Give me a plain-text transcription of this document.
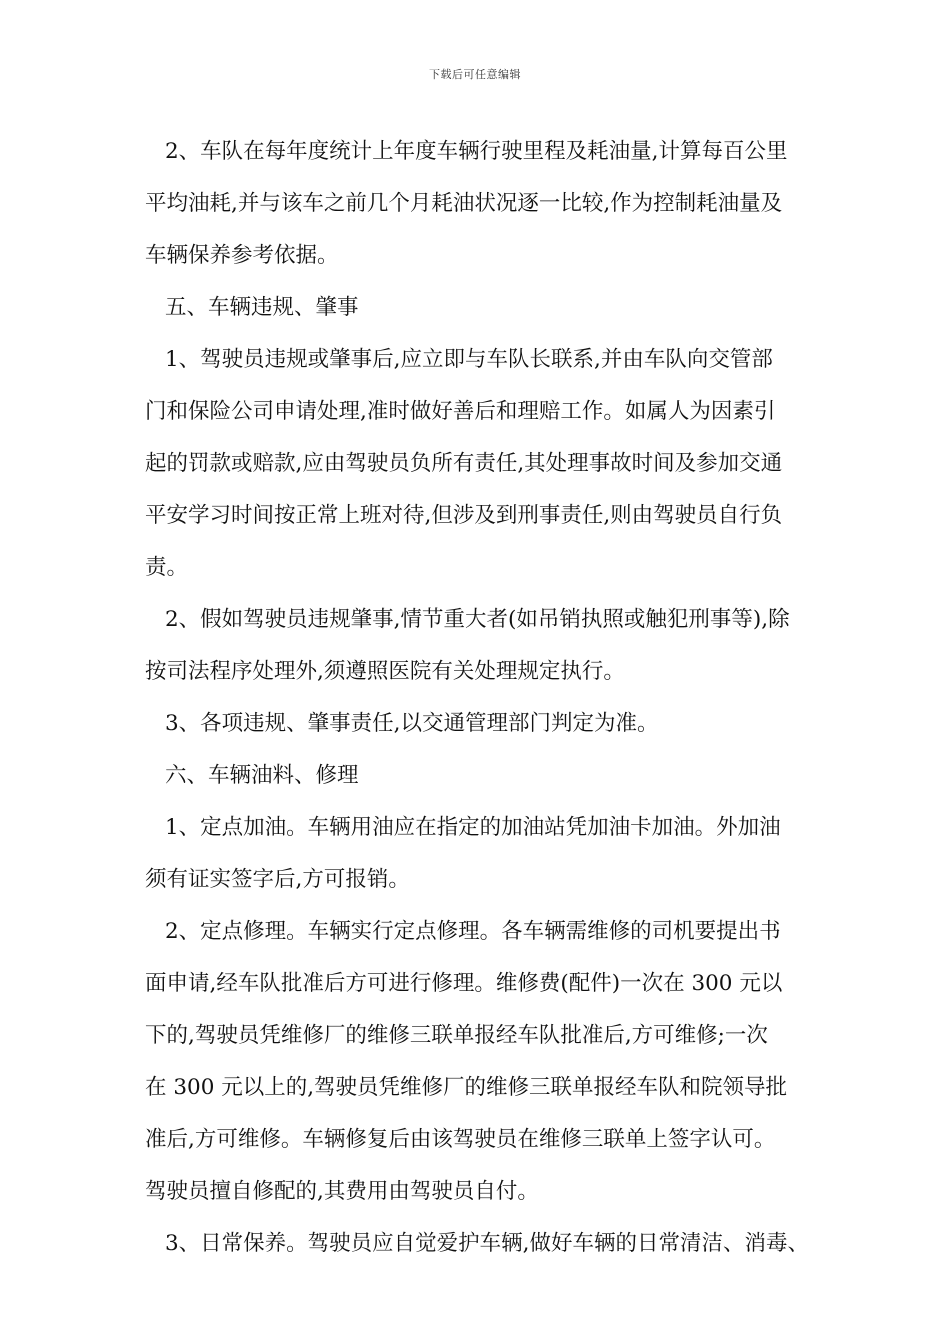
下载后可任意编辑
2、车队在每年度统计上年度车辆行驶里程及耗油量,计算每百公里
平均油耗,并与该车之前几个月耗油状况逐一比较,作为控制耗油量及
车辆保养参考依据。
五、车辆违规、肇事
1、驾驶员违规或肇事后,应立即与车队长联系,并由车队向交管部
门和保险公司申请处理,准时做好善后和理赔工作。如属人为因素引
起的罚款或赔款,应由驾驶员负所有责任,其处理事故时间及参加交通
平安学习时间按正常上班对待,但涉及到刑事责任,则由驾驶员自行负
责。
2、假如驾驶员违规肇事,情节重大者(如吊销执照或触犯刑事等),除
按司法程序处理外,须遵照医院有关处理规定执行。
3、各项违规、肇事责任,以交通管理部门判定为准。
六、车辆油料、修理
1、定点加油。车辆用油应在指定的加油站凭加油卡加油。外加油
须有证实签字后,方可报销。
2、定点修理。车辆实行定点修理。各车辆需维修的司机要提出书
面申请,经车队批准后方可进行修理。维修费(配件)一次在 300 元以
下的,驾驶员凭维修厂的维修三联单报经车队批准后,方可维修;一次
在 300 元以上的,驾驶员凭维修厂的维修三联单报经车队和院领导批
准后,方可维修。车辆修复后由该驾驶员在维修三联单上签字认可。
驾驶员擅自修配的,其费用由驾驶员自付。
3、日常保养。驾驶员应自觉爱护车辆,做好车辆的日常清洁、消毒、
